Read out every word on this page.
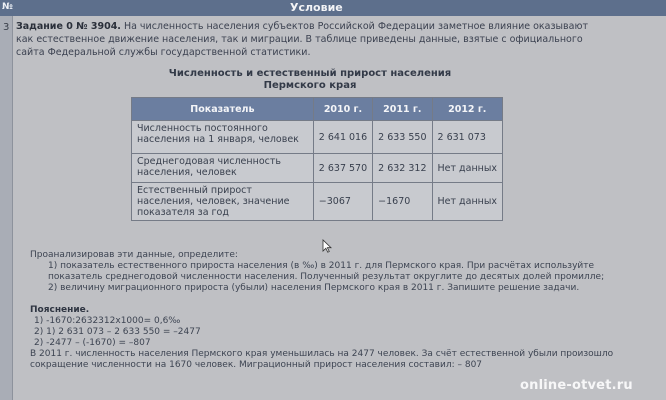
№	Условие
3 Задание 0 № 3904. На численность населения субъектов Российской Федерации заметное влияние оказывают как естественное движение населения, так и миграции. В таблице приведены данные, взятые с официального сайта Федеральной службы государственной статистики.
Численность и естественный прирост населения
Пермского края
Показатель	2010 г.	2011 г.	2012 г.
Численность постоянного населения на 1 января, человек	2 641 016	2 633 550	2 631 073
Среднегодовая численность населения, человек	2 637 570	2 632 312	Нет данных
Естественный прирост населения, человек, значение показателя за год	−3067	−1670	Нет данных
Проанализировав эти данные, определите:
1) показатель естественного прироста населения (в ‰) в 2011 г. для Пермского края. При расчётах используйте показатель среднегодовой численности населения. Полученный результат округлите до десятых долей промилле;
2) величину миграционного прироста (убыли) населения Пермского края в 2011 г. Запишите решение задачи.
Пояснение.
1) -1670:2632312x1000= 0,6‰
2) 1) 2 631 073 – 2 633 550 = –2477
2) -2477 – (-1670) = –807
В 2011 г. численность населения Пермского края уменьшилась на 2477 человек. За счёт естественной убыли произошло сокращение численности на 1670 человек. Миграционный прирост населения составил: – 807
online-otvet.ru
